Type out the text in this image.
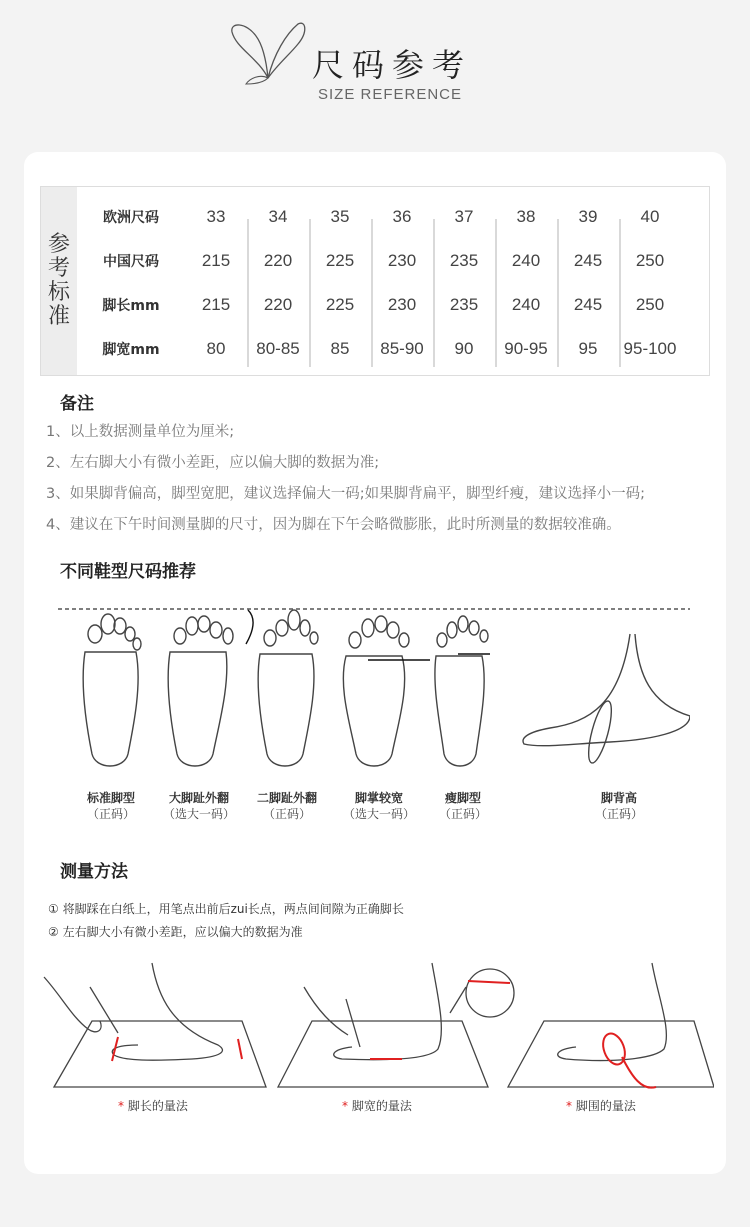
尺码参考
SIZE REFERENCE
参
考
标
准
欧洲尺码	33	34	35	36	37	38	39	40
中国尺码	215	220	225	230	235	240	245	250
脚长mm	215	220	225	230	235	240	245	250
脚宽mm	80	80-85	85	85-90	90	90-95	95	95-100
备注
1、以上数据测量单位为厘米;
2、左右脚大小有微小差距，应以偏大脚的数据为准;
3、如果脚背偏高，脚型宽肥，建议选择偏大一码;如果脚背扁平，脚型纤瘦，建议选择小一码;
4、建议在下午时间测量脚的尺寸，因为脚在下午会略微膨胀，此时所测量的数据较准确。
不同鞋型尺码推荐
标准脚型
（正码）
大脚趾外翻
（选大一码）
二脚趾外翻
（正码）
脚掌较宽
（选大一码）
瘦脚型
（正码）
脚背高
（正码）
测量方法
① 将脚踩在白纸上，用笔点出前后zui长点，两点间间隙为正确脚长
② 左右脚大小有微小差距，应以偏大的数据为准
* 脚长的量法	* 脚宽的量法	* 脚围的量法
